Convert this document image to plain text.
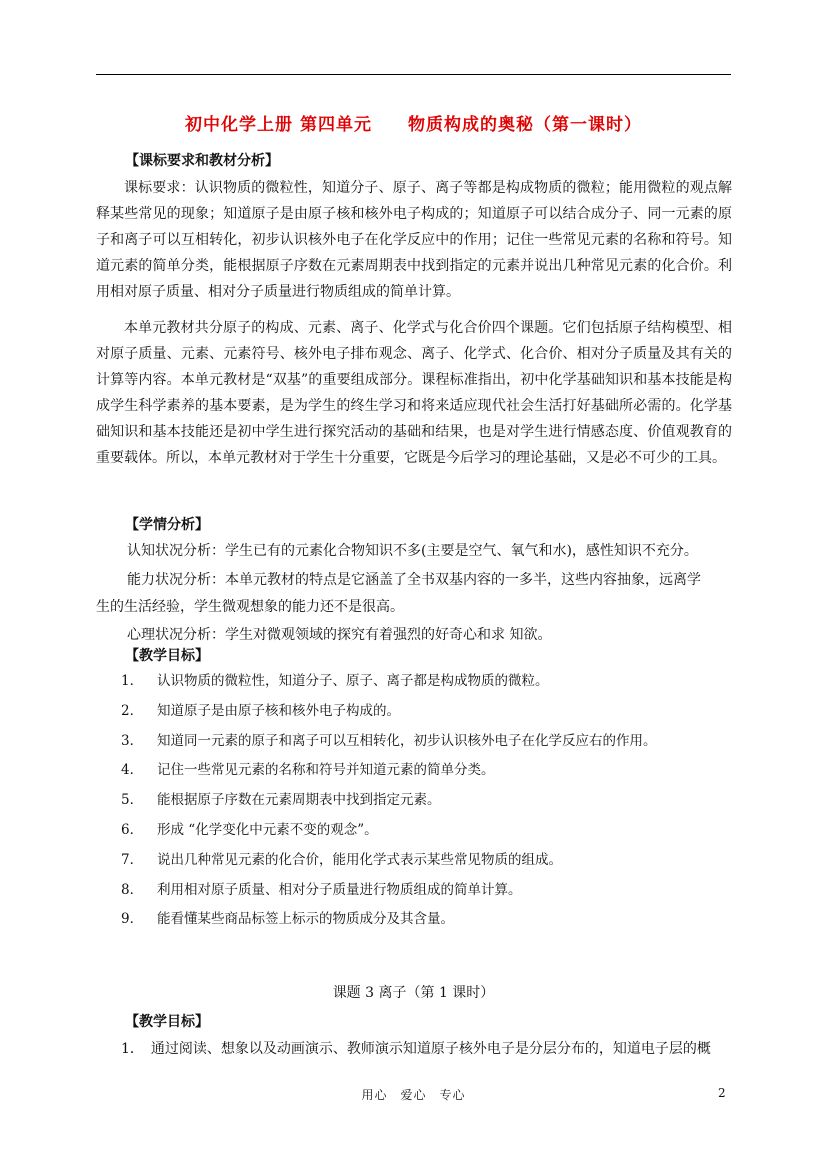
初中化学上册 第四单元　　物质构成的奥秘（第一课时）
【课标要求和教材分析】

课标要求：认识物质的微粒性，知道分子、原子、离子等都是构成物质的微粒；能用微粒的观点解释某些常见的现象；知道原子是由原子核和核外电子构成的；知道原子可以结合成分子、同一元素的原子和离子可以互相转化，初步认识核外电子在化学反应中的作用；记住一些常见元素的名称和符号。知道元素的简单分类，能根据原子序数在元素周期表中找到指定的元素并说出几种常见元素的化合价。利用相对原子质量、相对分子质量进行物质组成的简单计算。

本单元教材共分原子的构成、元素、离子、化学式与化合价四个课题。它们包括原子结构模型、相对原子质量、元素、元素符号、核外电子排布观念、离子、化学式、化合价、相对分子质量及其有关的计算等内容。本单元教材是“双基”的重要组成部分。课程标准指出，初中化学基础知识和基本技能是构成学生科学素养的基本要素，是为学生的终生学习和将来适应现代社会生活打好基础所必需的。化学基础知识和基本技能还是初中学生进行探究活动的基础和结果，也是对学生进行情感态度、价值观教育的重要载体。所以，本单元教材对于学生十分重要，它既是今后学习的理论基础，又是必不可少的工具。

【学情分析】
认知状况分析：学生已有的元素化合物知识不多(主要是空气、氧气和水)，感性知识不充分。
能力状况分析：本单元教材的特点是它涵盖了全书双基内容的一多半，这些内容抽象，远离学
生的生活经验，学生微观想象的能力还不是很高。
心理状况分析：学生对微观领域的探究有着强烈的好奇心和求 知欲。
【教学目标】
1． 认识物质的微粒性，知道分子、原子、离子都是构成物质的微粒。
2． 知道原子是由原子核和核外电子构成的。
3． 知道同一元素的原子和离子可以互相转化，初步认识核外电子在化学反应右的作用。
4． 记住一些常见元素的名称和符号并知道元素的简单分类。
5． 能根据原子序数在元素周期表中找到指定元素。
6． 形成 “化学变化中元素不变的观念”。
7． 说出几种常见元素的化合价，能用化学式表示某些常见物质的组成。
8． 利用相对原子质量、相对分子质量进行物质组成的简单计算。
9． 能看懂某些商品标签上标示的物质成分及其含量。
课题 3 离子（第 1 课时）
【教学目标】
1．　通过阅读、想象以及动画演示、教师演示知道原子核外电子是分层分布的，知道电子层的概
用心　爱心　专心	2
